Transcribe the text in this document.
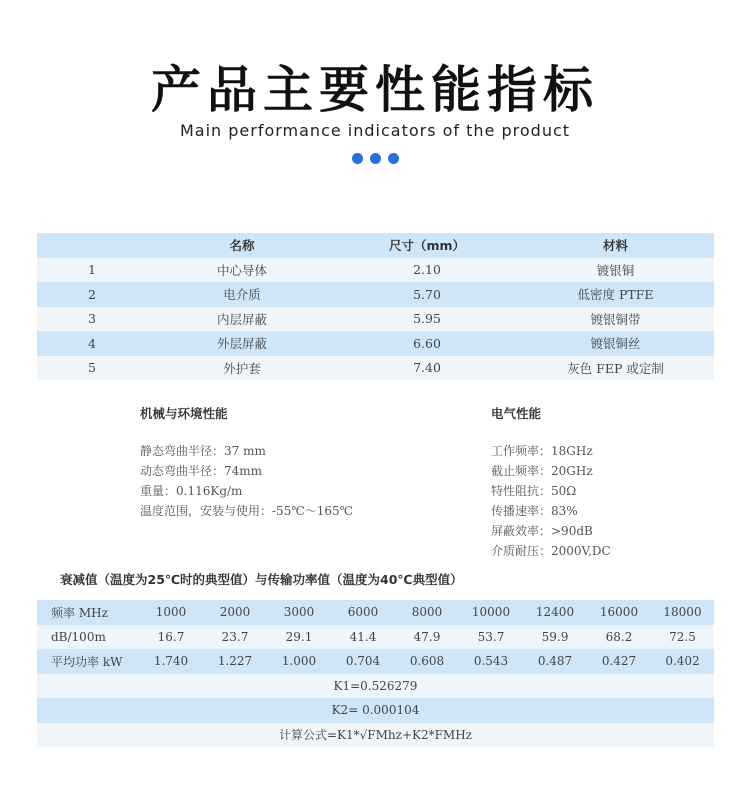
产品主要性能指标
Main performance indicators of the product
	名称	尺寸（mm）	材料
1	中心导体	2.10	镀银铜
2	电介质	5.70	低密度 PTFE
3	内层屏蔽	5.95	镀银铜带
4	外层屏蔽	6.60	镀银铜丝
5	外护套	7.40	灰色 FEP 或定制
机械与环境性能
静态弯曲半径：37 mm
动态弯曲半径：74mm
重量：0.116Kg/m
温度范围，安装与使用：-55℃～165℃
电气性能
工作频率：18GHz
截止频率：20GHz
特性阻抗：50Ω
传播速率：83%
屏蔽效率：>90dB
介质耐压：2000V,DC
衰减值（温度为25℃时的典型值）与传输功率值（温度为40℃典型值）
频率 MHz	1000	2000	3000	6000	8000	10000	12400	16000	18000
dB/100m	16.7	23.7	29.1	41.4	47.9	53.7	59.9	68.2	72.5
平均功率 kW	1.740	1.227	1.000	0.704	0.608	0.543	0.487	0.427	0.402
K1=0.526279									
K2= 0.000104									
计算公式=K1*√FMhz+K2*FMHz									
